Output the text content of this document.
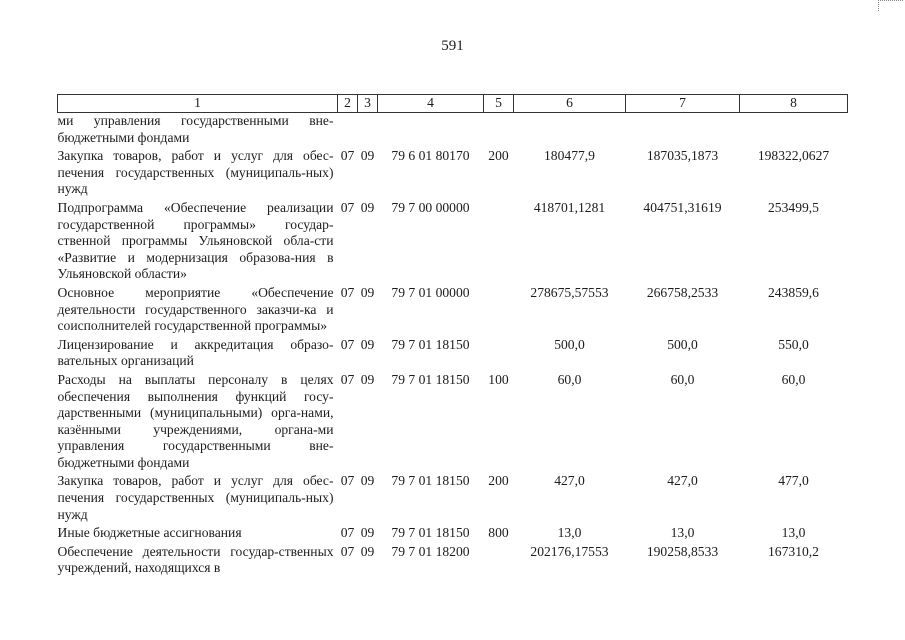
591
1	2	3	4	5	6	7	8
ми управления государственными вне-бюджетными фондами							
Закупка товаров, работ и услуг для обес-печения государственных (муниципаль-ных) нужд	07	09	79 6 01 80170	200	180477,9	187035,1873	198322,0627
Подпрограмма «Обеспечение реализации государственной программы» государ-ственной программы Ульяновской обла-сти «Развитие и модернизация образова-ния в Ульяновской области»	07	09	79 7 00 00000		418701,1281	404751,31619	253499,5
Основное мероприятие «Обеспечение деятельности государственного заказчи-ка и соисполнителей государственной программы»	07	09	79 7 01 00000		278675,57553	266758,2533	243859,6
Лицензирование и аккредитация образо-вательных организаций	07	09	79 7 01 18150		500,0	500,0	550,0
Расходы на выплаты персоналу в целях обеспечения выполнения функций госу-дарственными (муниципальными) орга-нами, казёнными учреждениями, органа-ми управления государственными вне-бюджетными фондами	07	09	79 7 01 18150	100	60,0	60,0	60,0
Закупка товаров, работ и услуг для обес-печения государственных (муниципаль-ных) нужд	07	09	79 7 01 18150	200	427,0	427,0	477,0
Иные бюджетные ассигнования	07	09	79 7 01 18150	800	13,0	13,0	13,0
Обеспечение деятельности государ-ственных учреждений, находящихся в	07	09	79 7 01 18200		202176,17553	190258,8533	167310,2
